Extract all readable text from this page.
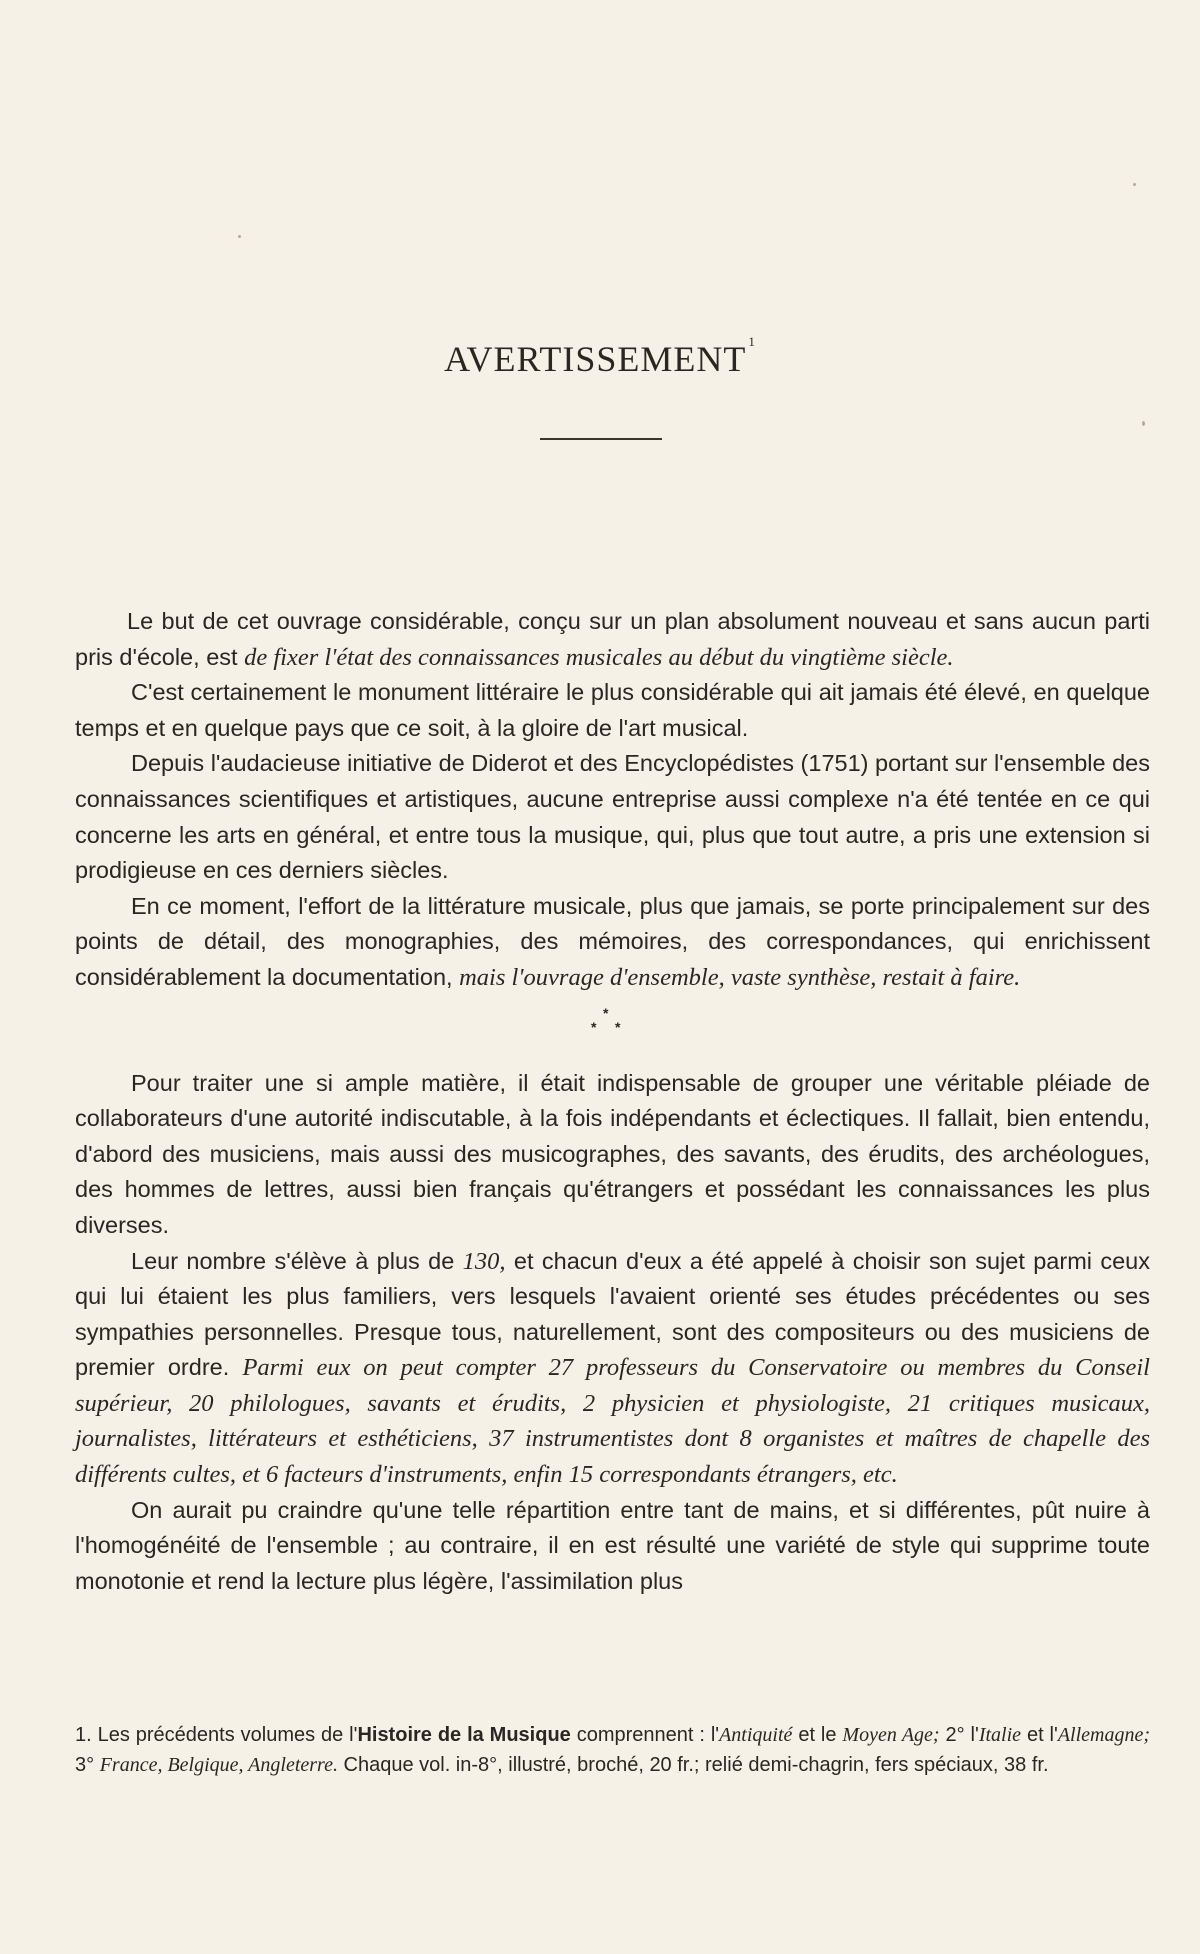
AVERTISSEMENT $^1$

Le but de cet ouvrage considérable, conçu sur un plan absolument nouveau et sans aucun parti pris d'école, est de fixer l'état des connaissances musicales au début du vingtième siècle.

C'est certainement le monument littéraire le plus considérable qui ait jamais été élevé, en quelque temps et en quelque pays que ce soit, à la gloire de l'art musical.

Depuis l'audacieuse initiative de Diderot et des Encyclopédistes (1751) portant sur l'ensemble des connaissances scientifiques et artistiques, aucune entreprise aussi complexe n'a été tentée en ce qui concerne les arts en général, et entre tous la musique, qui, plus que tout autre, a pris une extension si prodigieuse en ces derniers siècles.

En ce moment, l'effort de la littérature musicale, plus que jamais, se porte principalement sur des points de détail, des monographies, des mémoires, des correspondances, qui enrichissent considérablement la documentation, mais l'ouvrage d'ensemble, vaste synthèse, restait à faire.

*
* *

Pour traiter une si ample matière, il était indispensable de grouper une véritable pléiade de collaborateurs d'une autorité indiscutable, à la fois indépendants et éclectiques. Il fallait, bien entendu, d'abord des musiciens, mais aussi des musicographes, des savants, des érudits, des archéologues, des hommes de lettres, aussi bien français qu'étrangers et possédant les connaissances les plus diverses.

Leur nombre s'élève à plus de 130, et chacun d'eux a été appelé à choisir son sujet parmi ceux qui lui étaient les plus familiers, vers lesquels l'avaient orienté ses études précédentes ou ses sympathies personnelles. Presque tous, naturellement, sont des compositeurs ou des musiciens de premier ordre. Parmi eux on peut compter 27 professeurs du Conservatoire ou membres du Conseil supérieur, 20 philologues, savants et érudits, 2 physicien et physiologiste, 21 critiques musicaux, journalistes, littérateurs et esthéticiens, 37 instrumentistes dont 8 organistes et maîtres de chapelle des différents cultes, et 6 facteurs d'instruments, enfin 15 correspondants étrangers, etc.

On aurait pu craindre qu'une telle répartition entre tant de mains, et si différentes, pût nuire à l'homogénéité de l'ensemble ; au contraire, il en est résulté une variété de style qui supprime toute monotonie et rend la lecture plus légère, l'assimilation plus

1. Les précédents volumes de l'Histoire de la Musique comprennent : l'Antiquité et le Moyen Age; 2° l'Italie et l'Allemagne; 3° France, Belgique, Angleterre. Chaque vol. in-8°, illustré, broché, 20 fr.; relié demi-chagrin, fers spéciaux, 38 fr.
